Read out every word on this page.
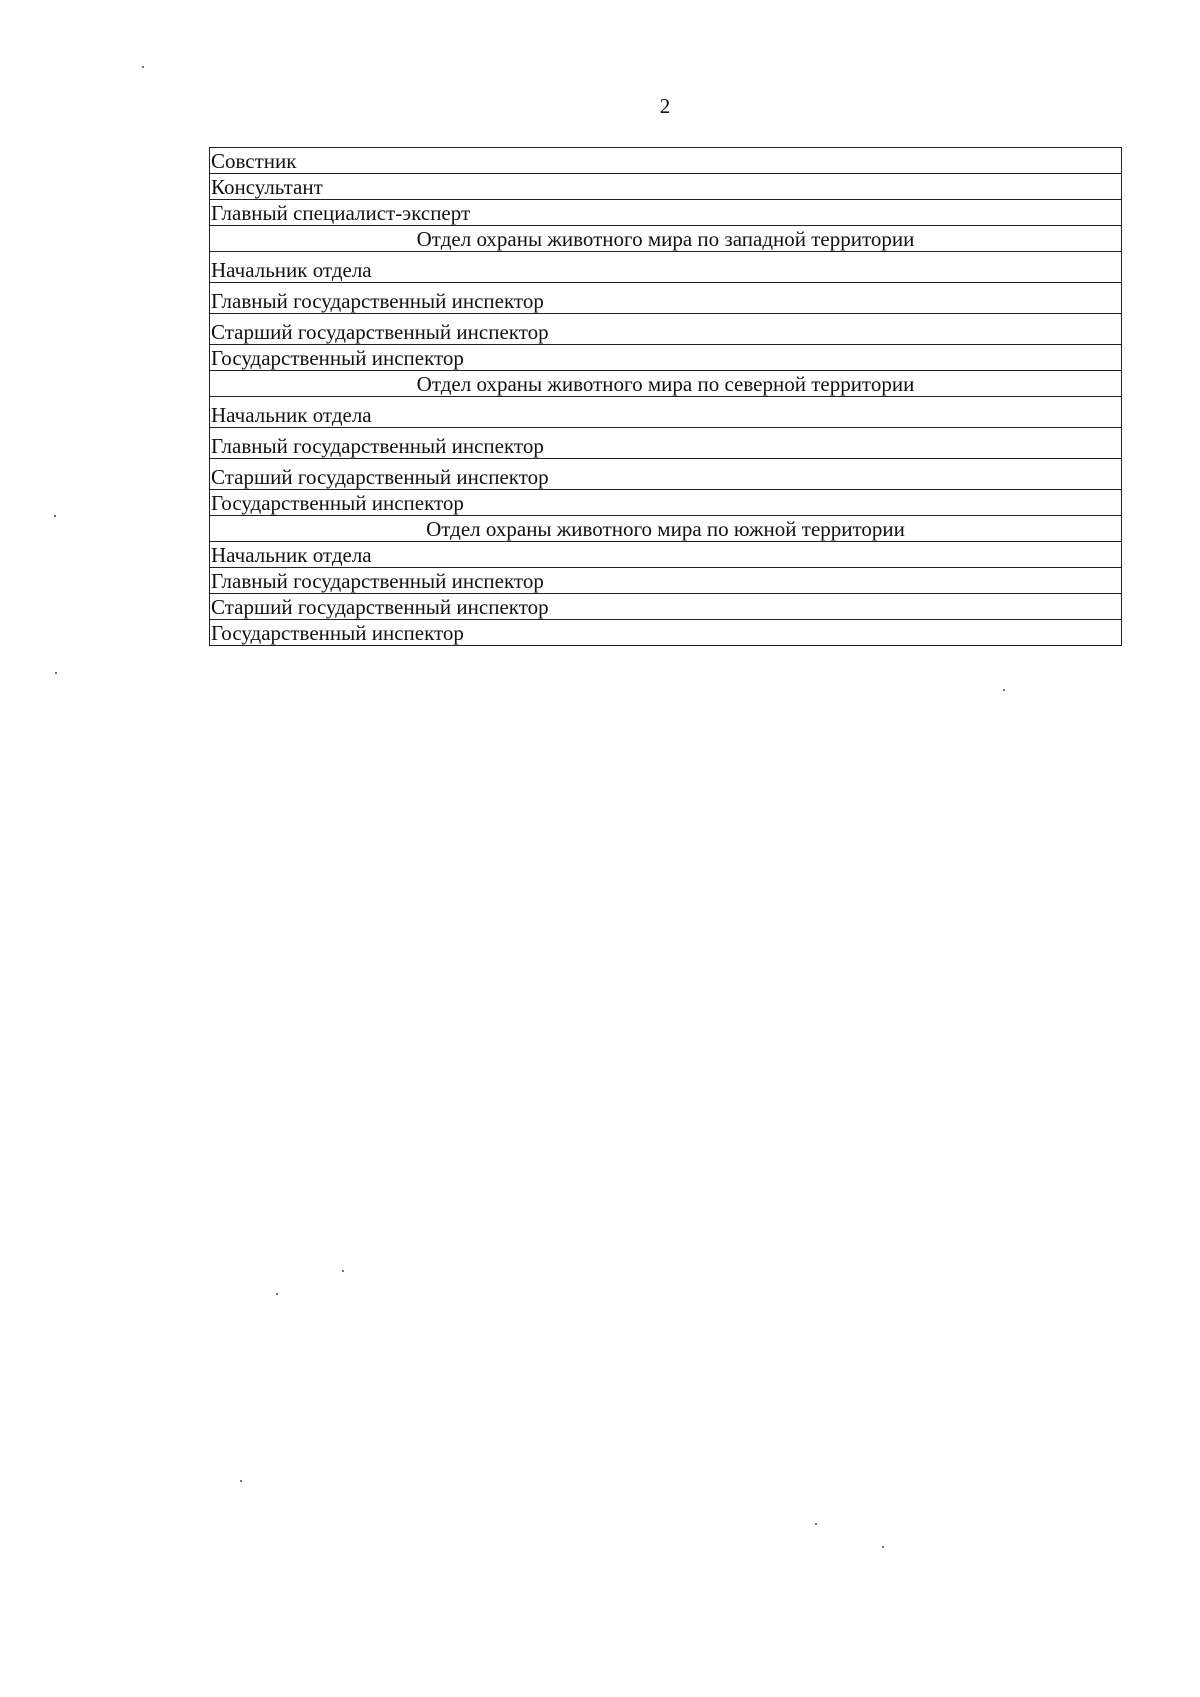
2
Совстник
Консультант
Главный специалист-эксперт
Отдел охраны животного мира по западной территории
Начальник отдела
Главный государственный инспектор
Старший государственный инспектор
Государственный инспектор
Отдел охраны животного мира по северной территории
Начальник отдела
Главный государственный инспектор
Старший государственный инспектор
Государственный инспектор
Отдел охраны животного мира по южной территории
Начальник отдела
Главный государственный инспектор
Старший государственный инспектор
Государственный инспектор
